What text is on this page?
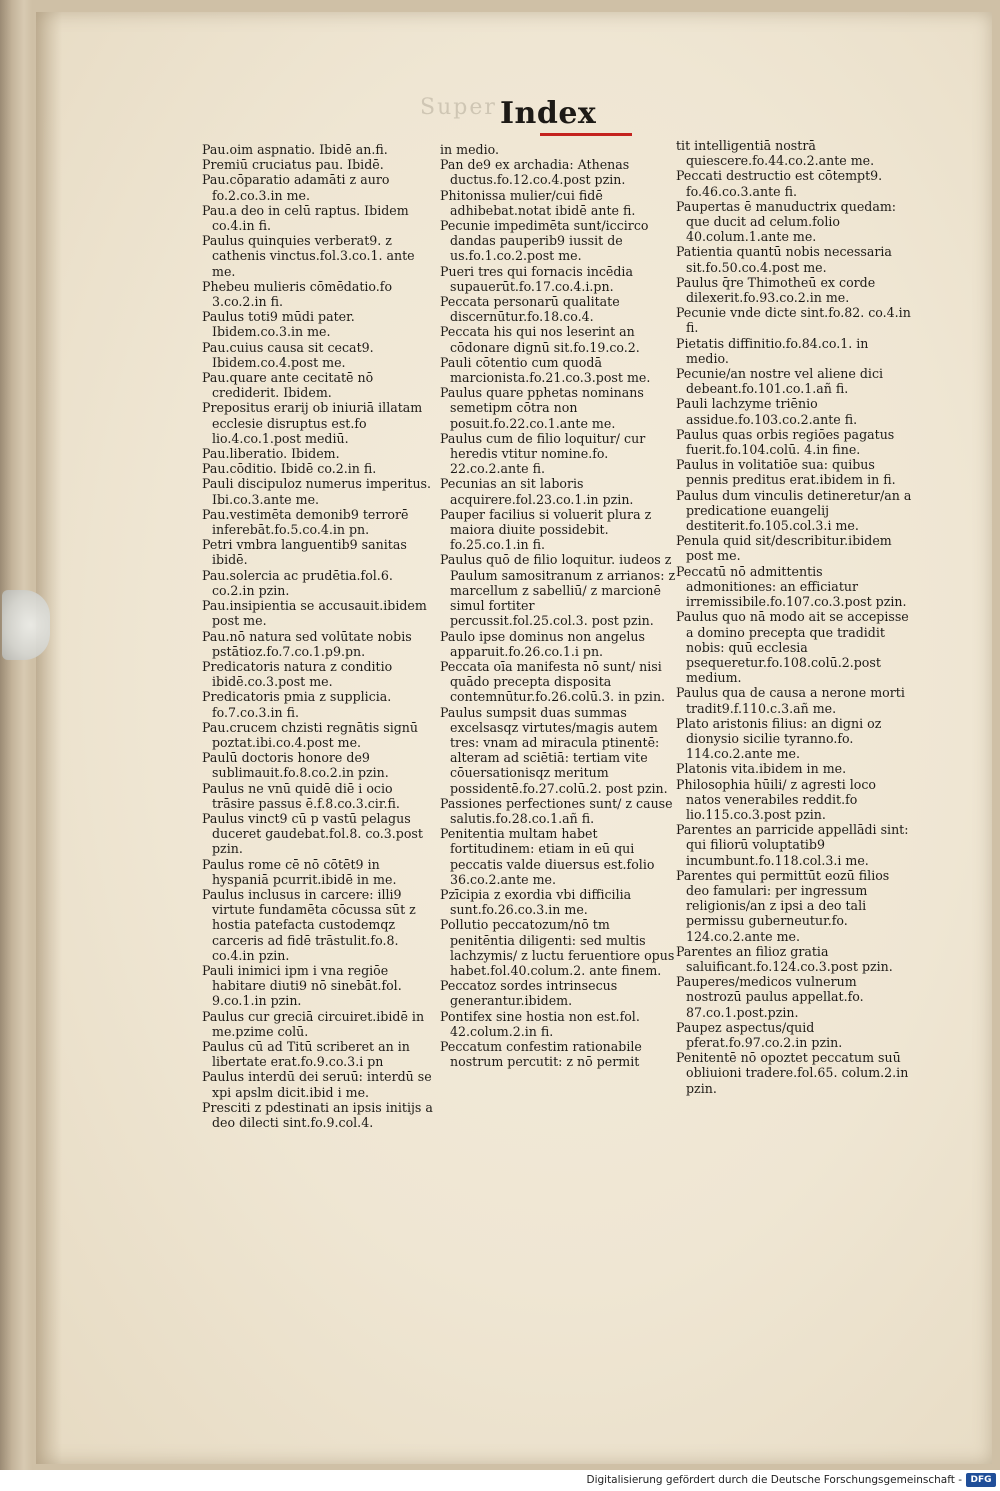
Super Index

Pau.oim aspnatio. Ibidē an.fi.

Premiū cruciatus pau. Ibidē.

Pau.cōparatio adamāti z auro fo.2.co.3.in me.

Pau.a deo in celū raptus. Ibidem co.4.in fi.

Paulus quinquies verberat9. z cathenis vinctus.fol.3.co.1. ante me.

Phebeu mulieris cōmēdatio.fo 3.co.2.in fi.

Paulus toti9 mūdi pater. Ibidem.co.3.in me.

Pau.cuius causa sit cecat9. Ibidem.co.4.post me.

Pau.quare ante cecitatē nō crediderit. Ibidem.

Prepositus erarij ob iniuriā illatam ecclesie disruptus est.fo lio.4.co.1.post mediū.

Pau.liberatio. Ibidem.

Pau.cōditio. Ibidē co.2.in fi.

Pauli discipuloz numerus imperitus. Ibi.co.3.ante me.

Pau.vestimēta demonib9 terrorē inferebāt.fo.5.co.4.in pn.

Petri vmbra languentib9 sanitas ibidē.

Pau.solercia ac prudētia.fol.6. co.2.in pzin.

Pau.insipientia se accusauit.ibidem post me.

Pau.nō natura sed volūtate nobis pstātioz.fo.7.co.1.p9.pn.

Predicatoris natura z conditio ibidē.co.3.post me.

Predicatoris pmia z supplicia. fo.7.co.3.in fi.

Pau.crucem chzisti regnātis signū poztat.ibi.co.4.post me.

Paulū doctoris honore de9 sublimauit.fo.8.co.2.in pzin.

Paulus ne vnū quidē diē i ocio trāsire passus ē.f.8.co.3.cir.fi.

Paulus vinct9 cū p vastū pelagus duceret gaudebat.fol.8. co.3.post pzin.

Paulus rome cē nō cōtēt9 in hyspaniā pcurrit.ibidē in me.

Paulus inclusus in carcere: illi9 virtute fundamēta cōcussa sūt z hostia patefacta custodemqz carceris ad fidē trāstulit.fo.8. co.4.in pzin.

Pauli inimici ipm i vna regiōe habitare diuti9 nō sinebāt.fol. 9.co.1.in pzin.

Paulus cur greciā circuiret.ibidē in me.pzime colū.

Paulus cū ad Titū scriberet an in libertate erat.fo.9.co.3.i pn

Paulus interdū dei seruū: interdū se xpi apslm dicit.ibid i me.

Presciti z pdestinati an ipsis initijs a deo dilecti sint.fo.9.col.4.

in medio.

Pan de9 ex archadia: Athenas ductus.fo.12.co.4.post pzin.

Phitonissa mulier/cui fidē adhibebat.notat ibidē ante fi.

Pecunie impedimēta sunt/iccirco dandas pauperib9 iussit de us.fo.1.co.2.post me.

Pueri tres qui fornacis incēdia supauerūt.fo.17.co.4.i.pn.

Peccata personarū qualitate discernūtur.fo.18.co.4.

Peccata his qui nos leserint an cōdonare dignū sit.fo.19.co.2.

Pauli cōtentio cum quodā marcionista.fo.21.co.3.post me.

Paulus quare pphetas nominans semetipm cōtra non posuit.fo.22.co.1.ante me.

Paulus cum de filio loquitur/ cur heredis vtitur nomine.fo. 22.co.2.ante fi.

Pecunias an sit laboris acquirere.fol.23.co.1.in pzin.

Pauper facilius si voluerit plura z maiora diuite possidebit. fo.25.co.1.in fi.

Paulus quō de filio loquitur. iudeos z Paulum samositranum z arrianos: z marcellum z sabelliū/ z marcionē simul fortiter percussit.fol.25.col.3. post pzin.

Paulo ipse dominus non angelus apparuit.fo.26.co.1.i pn.

Peccata oīa manifesta nō sunt/ nisi quādo precepta disposita contemnūtur.fo.26.colū.3. in pzin.

Paulus sumpsit duas summas excelsasqz virtutes/magis autem tres: vnam ad miracula ptinentē: alteram ad sciētiā: tertiam vite cōuersationisqz meritum possidentē.fo.27.colū.2. post pzin.

Passiones perfectiones sunt/ z cause salutis.fo.28.co.1.añ fi.

Penitentia multam habet fortitudinem: etiam in eū qui peccatis valde diuersus est.folio 36.co.2.ante me.

Pzīcipia z exordia vbi difficilia sunt.fo.26.co.3.in me.

Pollutio peccatozum/nō tm penitēntia diligenti: sed multis lachzymis/ z luctu feruentiore opus habet.fol.40.colum.2. ante finem.

Peccatoz sordes intrinsecus generantur.ibidem.

Pontifex sine hostia non est.fol. 42.colum.2.in fi.

Peccatum confestim rationabile nostrum percutit: z nō permit

tit intelligentiā nostrā quiescere.fo.44.co.2.ante me.

Peccati destructio est cōtempt9. fo.46.co.3.ante fi.

Paupertas ē manuductrix quedam: que ducit ad celum.folio 40.colum.1.ante me.

Patientia quantū nobis necessaria sit.fo.50.co.4.post me.

Paulus q̄re Thimotheū ex corde dilexerit.fo.93.co.2.in me.

Pecunie vnde dicte sint.fo.82. co.4.in fi.

Pietatis diffinitio.fo.84.co.1. in medio.

Pecunie/an nostre vel aliene dici debeant.fo.101.co.1.añ fi.

Pauli lachzyme triēnio assidue.fo.103.co.2.ante fi.

Paulus quas orbis regiōes pagatus fuerit.fo.104.colū. 4.in fine.

Paulus in volitatiōe sua: quibus pennis preditus erat.ibidem in fi.

Paulus dum vinculis detineretur/an a predicatione euangelij destiterit.fo.105.col.3.i me.

Penula quid sit/describitur.ibidem post me.

Peccatū nō admittentis admonitiones: an efficiatur irremissibile.fo.107.co.3.post pzin.

Paulus quo nā modo ait se accepisse a domino precepta que tradidit nobis: quū ecclesia psequeretur.fo.108.colū.2.post medium.

Paulus qua de causa a nerone morti tradit9.f.110.c.3.añ me.

Plato aristonis filius: an digni oz dionysio sicilie tyranno.fo. 114.co.2.ante me.

Platonis vita.ibidem in me.

Philosophia hūili/ z agresti loco natos venerabiles reddit.fo lio.115.co.3.post pzin.

Parentes an parricide appellādi sint: qui filiorū voluptatib9 incumbunt.fo.118.col.3.i me.

Parentes qui permittūt eozū filios deo famulari: per ingressum religionis/an z ipsi a deo tali permissu guberneutur.fo. 124.co.2.ante me.

Parentes an filioz gratia saluificant.fo.124.co.3.post pzin.

Pauperes/medicos vulnerum nostrozū paulus appellat.fo. 87.co.1.post.pzin.

Paupez aspectus/quid pferat.fo.97.co.2.in pzin.

Penitentē nō opoztet peccatum suū obliuioni tradere.fol.65. colum.2.in pzin.

Digitalisierung gefördert durch die Deutsche Forschungsgemeinschaft - DFG
